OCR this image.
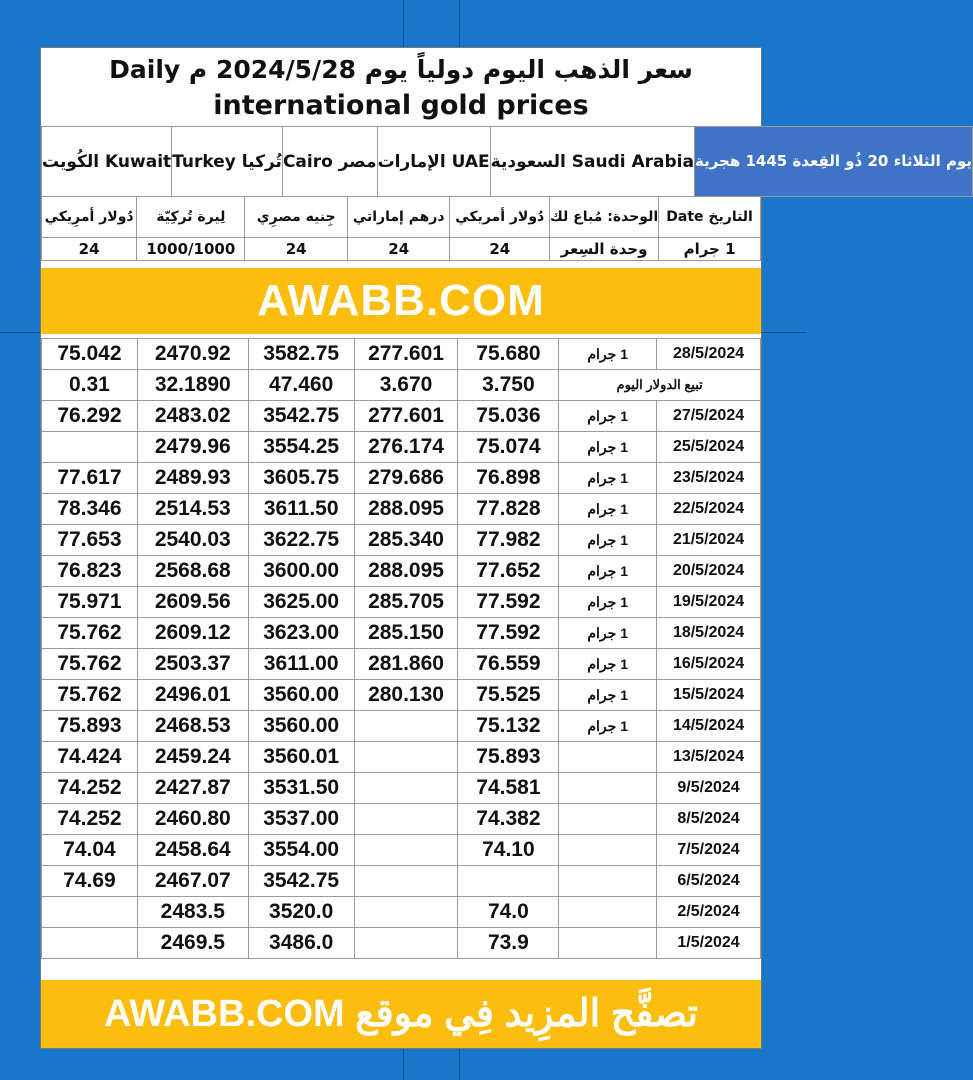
سعر الذهب اليوم دولياً يوم 2024/5/28 م Daily
international gold prices
الكُويت Kuwait	تُركيا Turkey	مصر Cairo	الإمارات UAE	السعودية Saudi Arabia	يوم الثلاثاء 20 ذُو القِعدة 1445 هجرية
دُولار أمرِيكي	لِيرة تُركِيّة	جِنيه مصرِي	درهم إماراتي	دُولار أمريكي	الوحدة: مُباع لك	التاريخ Date
24	1000/1000	24	24	24	وحدة السِعر	1 جرام
AWABB.COM
75.042	2470.92	3582.75	277.601	75.680	1 جرام	28/5/2024
0.31	32.1890	47.460	3.670	3.750	تبيع الدولار اليوم	
76.292	2483.02	3542.75	277.601	75.036	1 جرام	27/5/2024
	2479.96	3554.25	276.174	75.074	1 جرام	25/5/2024
77.617	2489.93	3605.75	279.686	76.898	1 جرام	23/5/2024
78.346	2514.53	3611.50	288.095	77.828	1 جرام	22/5/2024
77.653	2540.03	3622.75	285.340	77.982	1 جرام	21/5/2024
76.823	2568.68	3600.00	288.095	77.652	1 جرام	20/5/2024
75.971	2609.56	3625.00	285.705	77.592	1 جرام	19/5/2024
75.762	2609.12	3623.00	285.150	77.592	1 جرام	18/5/2024
75.762	2503.37	3611.00	281.860	76.559	1 جرام	16/5/2024
75.762	2496.01	3560.00	280.130	75.525	1 جرام	15/5/2024
75.893	2468.53	3560.00		75.132	1 جرام	14/5/2024
74.424	2459.24	3560.01		75.893		13/5/2024
74.252	2427.87	3531.50		74.581		9/5/2024
74.252	2460.80	3537.00		74.382		8/5/2024
74.04	2458.64	3554.00		74.10		7/5/2024
74.69	2467.07	3542.75				6/5/2024
	2483.5	3520.0		74.0		2/5/2024
	2469.5	3486.0		73.9		1/5/2024
تصفَّح المزِيد فِي موقع AWABB.COM
